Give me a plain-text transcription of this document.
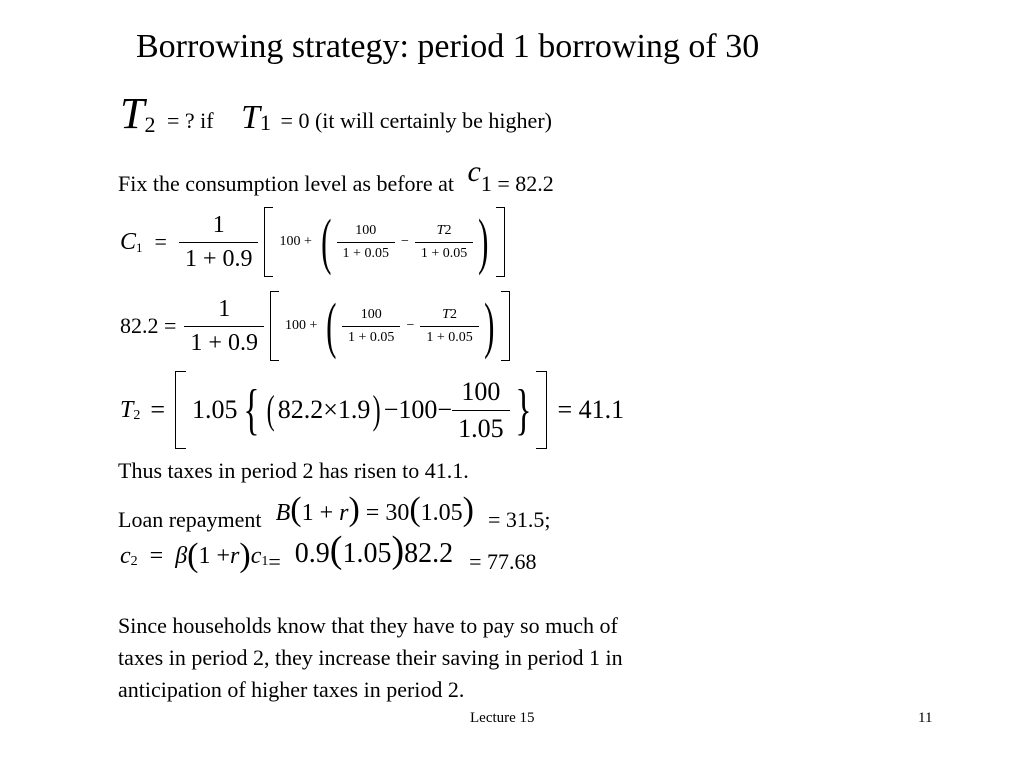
Borrowing strategy: period 1 borrowing of 30
T2 = ? if T1 = 0 (it will certainly be higher)
Fix the consumption level as before at c1 = 82.2
C $1 = \frac{1}{1 + 0.9} 100$ + ( $\frac{100}{1 + 0.05} - \frac{T2}{1 + 0.05}$ )
$82.2 = \frac{1}{1 + 0.9} 100$ + ( $\frac{100}{1 + 0.05} - \frac{T2}{1 + 0.05}$ )
T 2 = 1.05 { ( 82.2×1.9 ) $-100- \frac{100}{1.05}$ } = 41.1
Thus taxes in period 2 has risen to 41.1.
Loan repayment B(1 + r) = 30(1.05) = 31.5;
c 2 = β ( 1 + r ) c 1 = 0.9(1.05)82.2 = 77.68
Since households know that they have to pay so much of
taxes in period 2, they increase their saving in period 1 in
anticipation of higher taxes in period 2.
Lecture 15	11
